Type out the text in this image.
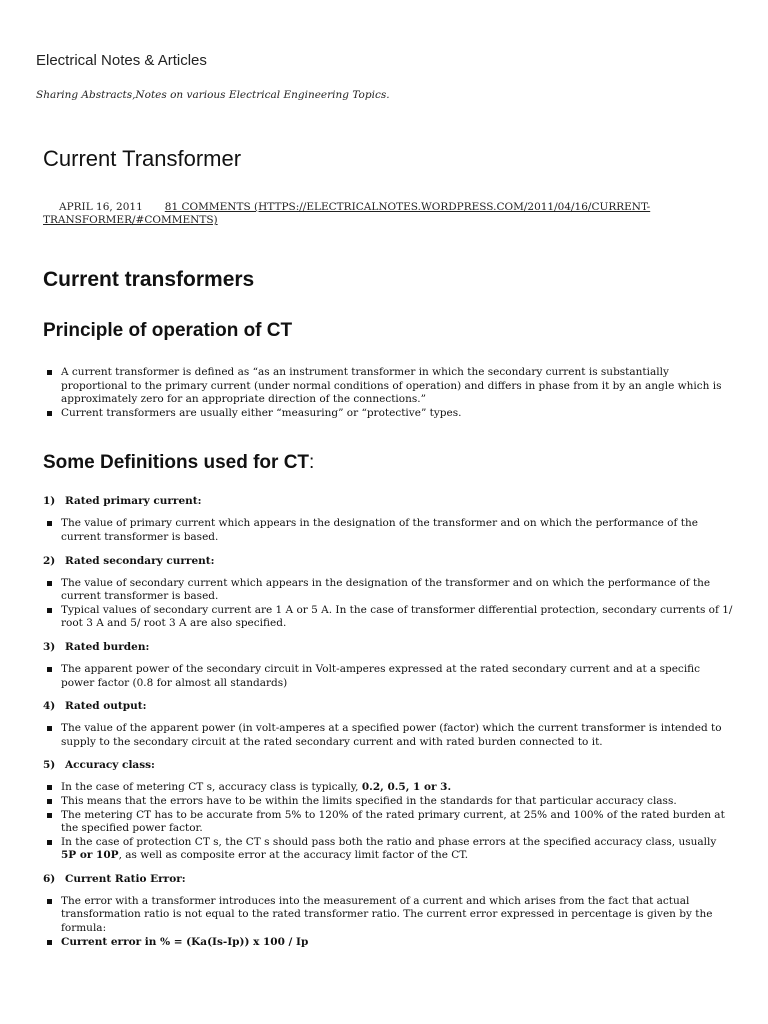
Electrical Notes & Articles

Sharing Abstracts,Notes on various Electrical Engineering Topics.

Current Transformer
APRIL 16, 2011 81 COMMENTS (HTTPS://ELECTRICALNOTES.WORDPRESS.COM/2011/04/16/CURRENT-TRANSFORMER/#COMMENTS)
Current transformers
Principle of operation of CT
A current transformer is defined as “as an instrument transformer in which the secondary current is substantially proportional to the primary current (under normal conditions of operation) and differs in phase from it by an angle which is approximately zero for an appropriate direction of the connections.”
Current transformers are usually either “measuring” or “protective” types.
Some Definitions used for CT:

1) Rated primary current:

The value of primary current which appears in the designation of the transformer and on which the performance of the current transformer is based.

2) Rated secondary current:

The value of secondary current which appears in the designation of the transformer and on which the performance of the current transformer is based.
Typical values of secondary current are 1 A or 5 A. In the case of transformer differential protection, secondary currents of 1/ root 3 A and 5/ root 3 A are also specified.

3) Rated burden:

The apparent power of the secondary circuit in Volt-amperes expressed at the rated secondary current and at a specific power factor (0.8 for almost all standards)

4) Rated output:

The value of the apparent power (in volt-amperes at a specified power (factor) which the current transformer is intended to supply to the secondary circuit at the rated secondary current and with rated burden connected to it.

5) Accuracy class:

In the case of metering CT s, accuracy class is typically, 0.2, 0.5, 1 or 3.
This means that the errors have to be within the limits specified in the standards for that particular accuracy class.
The metering CT has to be accurate from 5% to 120% of the rated primary current, at 25% and 100% of the rated burden at the specified power factor.
In the case of protection CT s, the CT s should pass both the ratio and phase errors at the specified accuracy class, usually 5P or 10P, as well as composite error at the accuracy limit factor of the CT.

6) Current Ratio Error:

The error with a transformer introduces into the measurement of a current and which arises from the fact that actual transformation ratio is not equal to the rated transformer ratio. The current error expressed in percentage is given by the formula:
Current error in % = (Ka(Is-Ip)) x 100 / Ip
